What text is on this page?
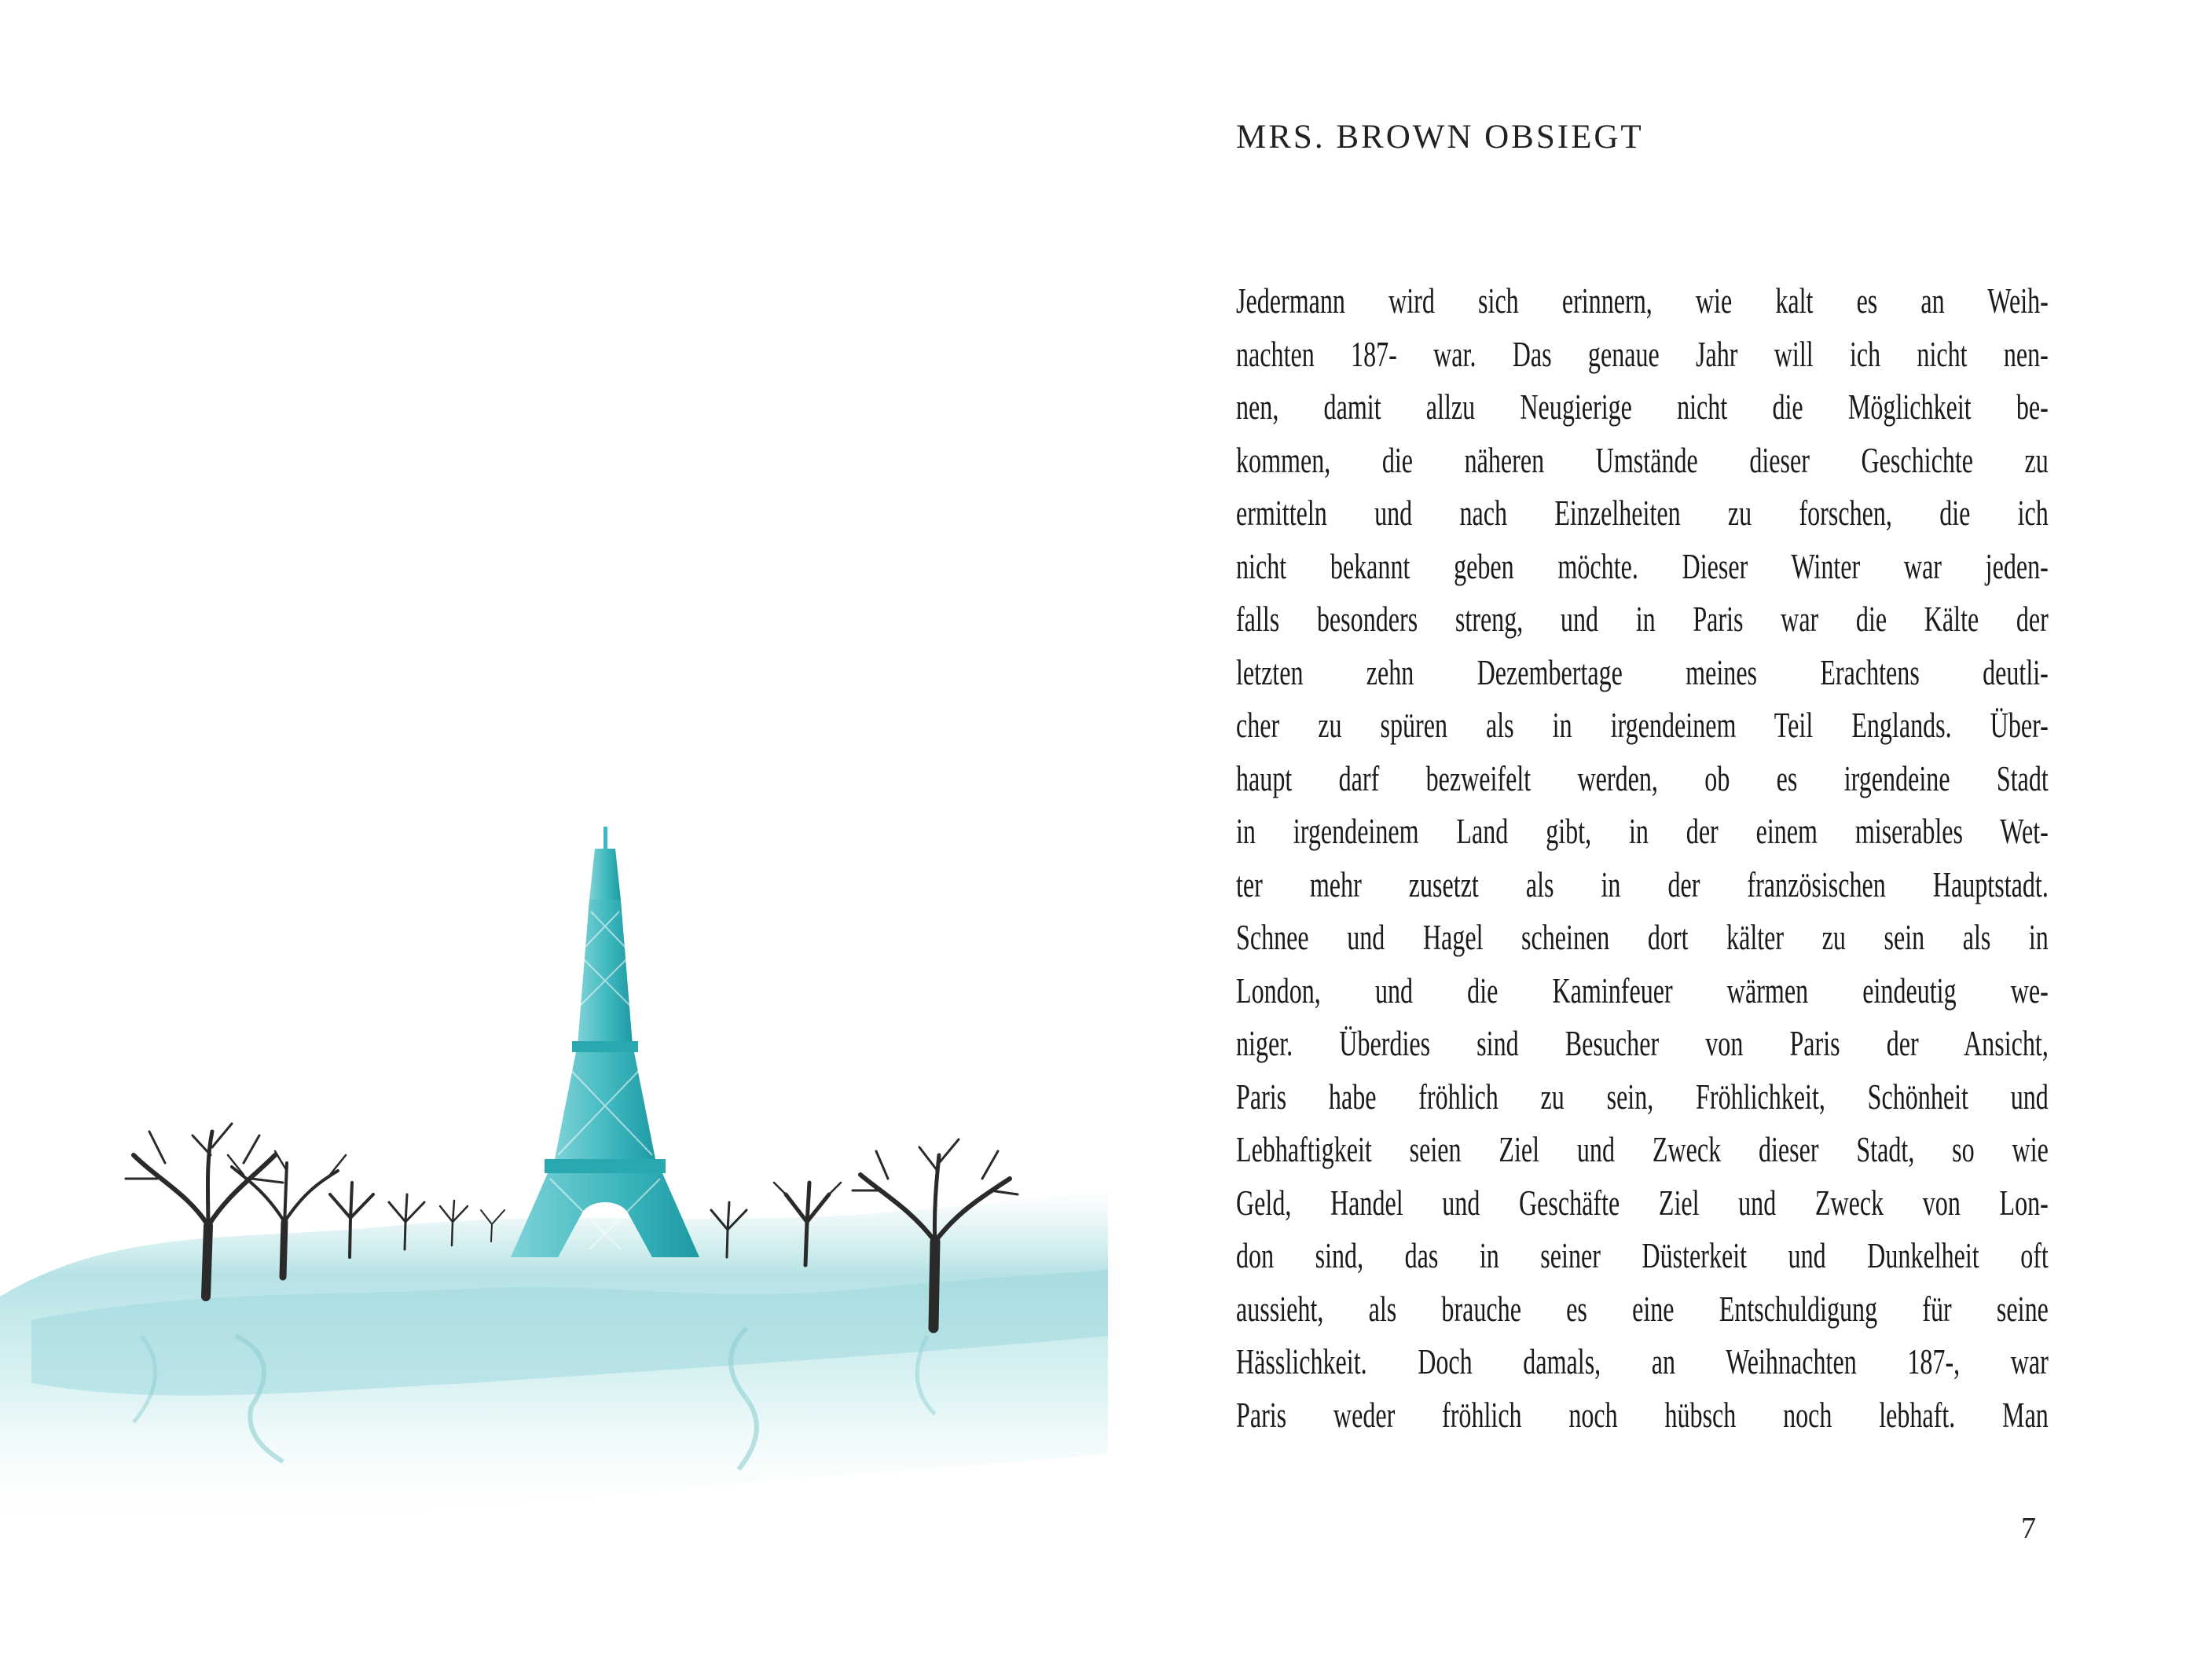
MRS. BROWN OBSIEGT
Jedermann wird sich erinnern, wie kalt es an Weih-
nachten 187- war. Das genaue Jahr will ich nicht nen-
nen, damit allzu Neugierige nicht die Möglichkeit be-
kommen, die näheren Umstände dieser Geschichte zu
ermitteln und nach Einzelheiten zu forschen, die ich
nicht bekannt geben möchte. Dieser Winter war jeden-
falls besonders streng, und in Paris war die Kälte der
letzten zehn Dezembertage meines Erachtens deutli-
cher zu spüren als in irgendeinem Teil Englands. Über-
haupt darf bezweifelt werden, ob es irgendeine Stadt
in irgendeinem Land gibt, in der einem miserables Wet-
ter mehr zusetzt als in der französischen Hauptstadt.
Schnee und Hagel scheinen dort kälter zu sein als in
London, und die Kaminfeuer wärmen eindeutig we-
niger. Überdies sind Besucher von Paris der Ansicht,
Paris habe fröhlich zu sein, Fröhlichkeit, Schönheit und
Lebhaftigkeit seien Ziel und Zweck dieser Stadt, so wie
Geld, Handel und Geschäfte Ziel und Zweck von Lon-
don sind, das in seiner Düsterkeit und Dunkelheit oft
aussieht, als brauche es eine Entschuldigung für seine
Hässlichkeit. Doch damals, an Weihnachten 187-, war
Paris weder fröhlich noch hübsch noch lebhaft. Man

7
